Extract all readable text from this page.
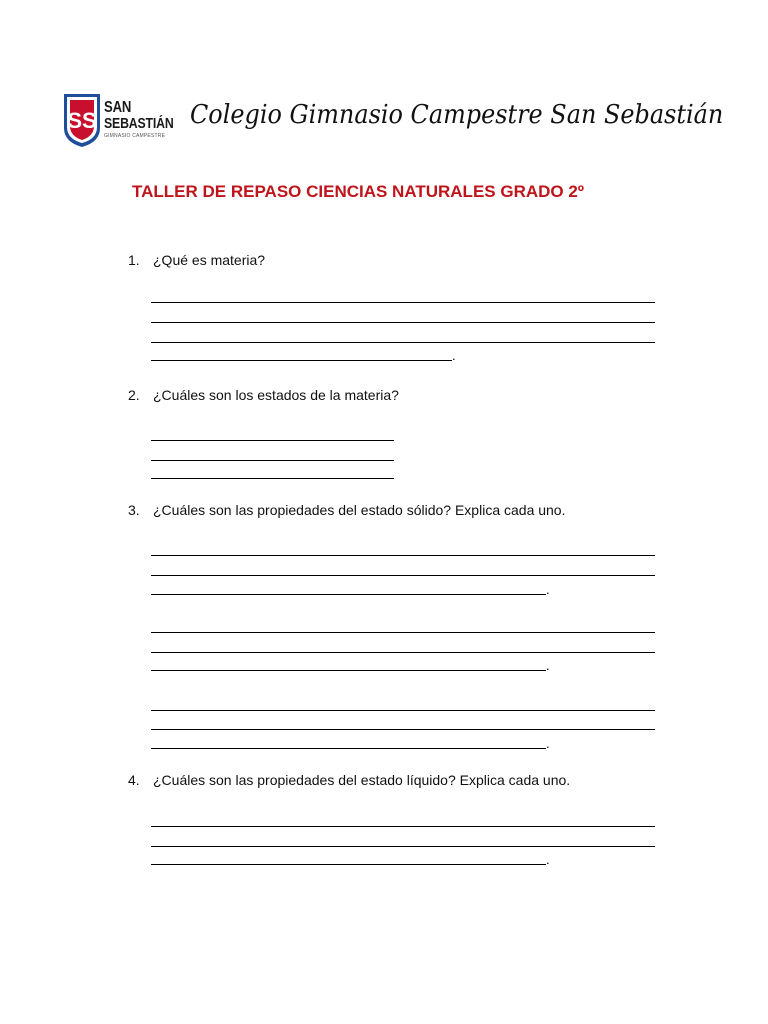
SS
SAN
SEBASTIÁN
GIMNASIO CAMPESTRE
Colegio Gimnasio Campestre San Sebastián
TALLER DE REPASO CIENCIAS NATURALES GRADO 2º
1. ¿Qué es materia?
.
2. ¿Cuáles son los estados de la materia?
3. ¿Cuáles son las propiedades del estado sólido? Explica cada uno.
.
.
.
4. ¿Cuáles son las propiedades del estado líquido? Explica cada uno.
.
